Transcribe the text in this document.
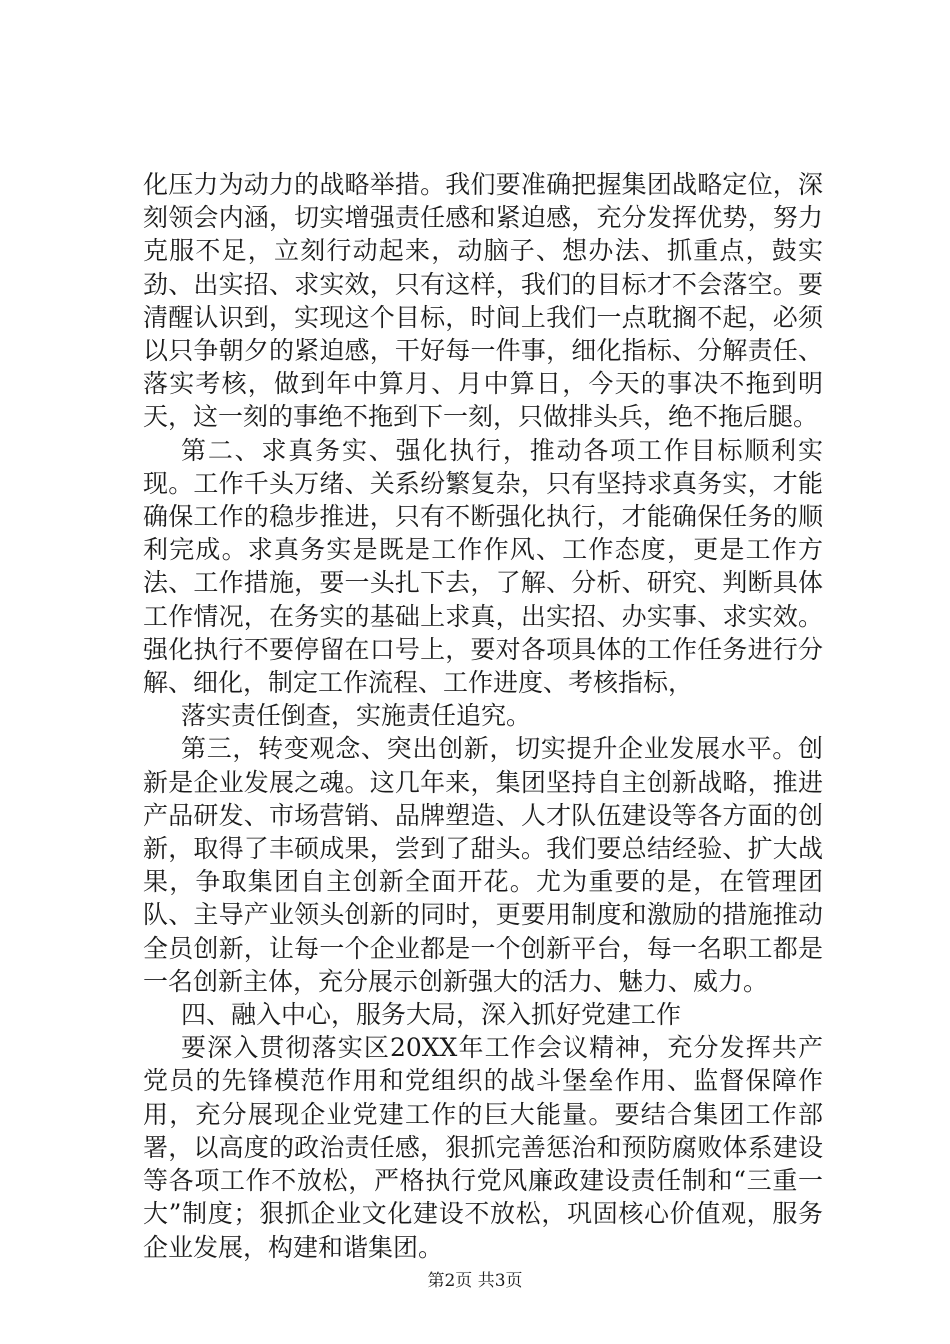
化压力为动力的战略举措。我们要准确把握集团战略定位，深刻领会内涵，切实增强责任感和紧迫感，充分发挥优势，努力克服不足，立刻行动起来，动脑子、想办法、抓重点，鼓实劲、出实招、求实效，只有这样，我们的目标才不会落空。要清醒认识到，实现这个目标，时间上我们一点耽搁不起，必须以只争朝夕的紧迫感，干好每一件事，细化指标、分解责任、落实考核，做到年中算月、月中算日，今天的事决不拖到明天，这一刻的事绝不拖到下一刻，只做排头兵，绝不拖后腿。

第二、求真务实、强化执行，推动各项工作目标顺利实现。工作千头万绪、关系纷繁复杂，只有坚持求真务实，才能确保工作的稳步推进，只有不断强化执行，才能确保任务的顺利完成。求真务实是既是工作作风、工作态度，更是工作方法、工作措施，要一头扎下去，了解、分析、研究、判断具体工作情况，在务实的基础上求真，出实招、办实事、求实效。强化执行不要停留在口号上，要对各项具体的工作任务进行分解、细化，制定工作流程、工作进度、考核指标，

落实责任倒查，实施责任追究。

第三，转变观念、突出创新，切实提升企业发展水平。创新是企业发展之魂。这几年来，集团坚持自主创新战略，推进产品研发、市场营销、品牌塑造、人才队伍建设等各方面的创新，取得了丰硕成果，尝到了甜头。我们要总结经验、扩大战果，争取集团自主创新全面开花。尤为重要的是，在管理团队、主导产业领头创新的同时，更要用制度和激励的措施推动全员创新，让每一个企业都是一个创新平台，每一名职工都是一名创新主体，充分展示创新强大的活力、魅力、威力。

四、融入中心，服务大局，深入抓好党建工作

要深入贯彻落实区20XX年工作会议精神，充分发挥共产党员的先锋模范作用和党组织的战斗堡垒作用、监督保障作用，充分展现企业党建工作的巨大能量。要结合集团工作部署，以高度的政治责任感，狠抓完善惩治和预防腐败体系建设等各项工作不放松，严格执行党风廉政建设责任制和“三重一大”制度；狠抓企业文化建设不放松，巩固核心价值观，服务企业发展，构建和谐集团。

第2页 共3页
